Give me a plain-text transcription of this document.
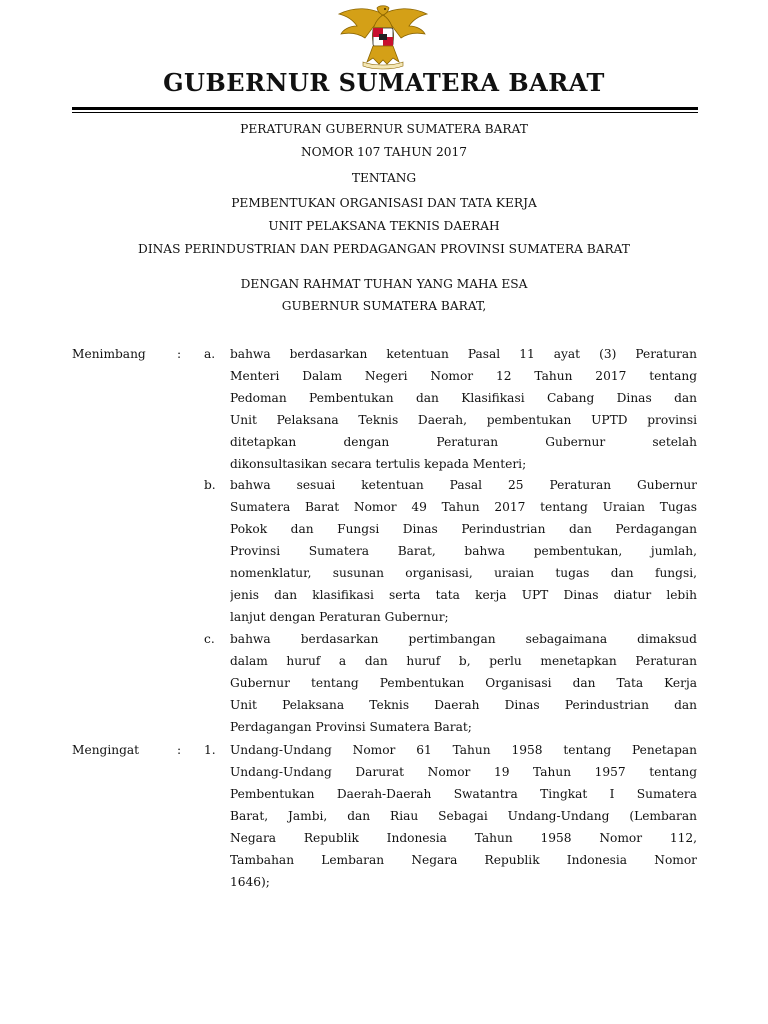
GUBERNUR SUMATERA BARAT
PERATURAN GUBERNUR SUMATERA BARAT
NOMOR 107 TAHUN 2017
TENTANG
PEMBENTUKAN ORGANISASI DAN TATA KERJA
UNIT PELAKSANA TEKNIS DAERAH
DINAS PERINDUSTRIAN DAN PERDAGANGAN PROVINSI SUMATERA BARAT
DENGAN RAHMAT TUHAN YANG MAHA ESA
GUBERNUR SUMATERA BARAT,
Menimbang	: a. bahwa berdasarkan ketentuan Pasal 11 ayat (3) Peraturan
Menteri Dalam Negeri Nomor 12 Tahun 2017 tentang
Pedoman Pembentukan dan Klasifikasi Cabang Dinas dan
Unit Pelaksana Teknis Daerah, pembentukan UPTD provinsi
ditetapkan dengan Peraturan Gubernur setelah
dikonsultasikan secara tertulis kepada Menteri;
b. bahwa sesuai ketentuan Pasal 25 Peraturan Gubernur
Sumatera Barat Nomor 49 Tahun 2017 tentang Uraian Tugas
Pokok dan Fungsi Dinas Perindustrian dan Perdagangan
Provinsi Sumatera Barat, bahwa pembentukan, jumlah,
nomenklatur, susunan organisasi, uraian tugas dan fungsi,
jenis dan klasifikasi serta tata kerja UPT Dinas diatur lebih
lanjut dengan Peraturan Gubernur;
c. bahwa berdasarkan pertimbangan sebagaimana dimaksud
dalam huruf a dan huruf b, perlu menetapkan Peraturan
Gubernur tentang Pembentukan Organisasi dan Tata Kerja
Unit Pelaksana Teknis Daerah Dinas Perindustrian dan
Perdagangan Provinsi Sumatera Barat;
Mengingat	: 1. Undang-Undang Nomor 61 Tahun 1958 tentang Penetapan
Undang-Undang Darurat Nomor 19 Tahun 1957 tentang
Pembentukan Daerah-Daerah Swatantra Tingkat I Sumatera
Barat, Jambi, dan Riau Sebagai Undang-Undang (Lembaran
Negara Republik Indonesia Tahun 1958 Nomor 112,
Tambahan Lembaran Negara Republik Indonesia Nomor
1646);
